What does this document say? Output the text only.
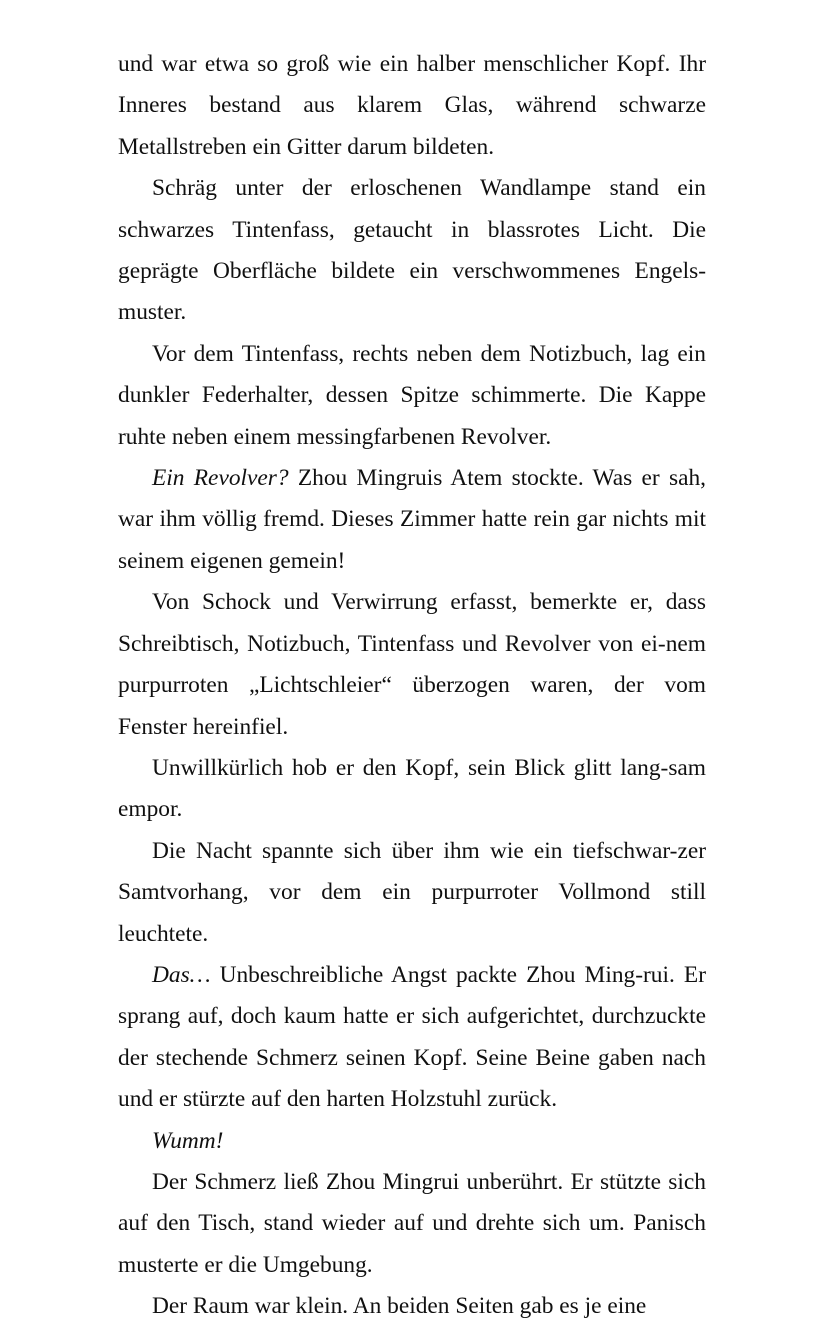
und war etwa so groß wie ein halber menschlicher Kopf. Ihr Inneres bestand aus klarem Glas, während schwarze Metallstreben ein Gitter darum bildeten.

Schräg unter der erloschenen Wandlampe stand ein schwarzes Tintenfass, getaucht in blassrotes Licht. Die geprägte Oberfläche bildete ein verschwommenes Engels-muster.

Vor dem Tintenfass, rechts neben dem Notizbuch, lag ein dunkler Federhalter, dessen Spitze schimmerte. Die Kappe ruhte neben einem messingfarbenen Revolver.

Ein Revolver? Zhou Mingruis Atem stockte. Was er sah, war ihm völlig fremd. Dieses Zimmer hatte rein gar nichts mit seinem eigenen gemein!

Von Schock und Verwirrung erfasst, bemerkte er, dass Schreibtisch, Notizbuch, Tintenfass und Revolver von ei-nem purpurroten „Lichtschleier“ überzogen waren, der vom Fenster hereinfiel.

Unwillkürlich hob er den Kopf, sein Blick glitt lang-sam empor.

Die Nacht spannte sich über ihm wie ein tiefschwar-zer Samtvorhang, vor dem ein purpurroter Vollmond still leuchtete.

Das… Unbeschreibliche Angst packte Zhou Ming-rui. Er sprang auf, doch kaum hatte er sich aufgerichtet, durchzuckte der stechende Schmerz seinen Kopf. Seine Beine gaben nach und er stürzte auf den harten Holzstuhl zurück.

Wumm!

Der Schmerz ließ Zhou Mingrui unberührt. Er stützte sich auf den Tisch, stand wieder auf und drehte sich um. Panisch musterte er die Umgebung.

Der Raum war klein. An beiden Seiten gab es je eine
